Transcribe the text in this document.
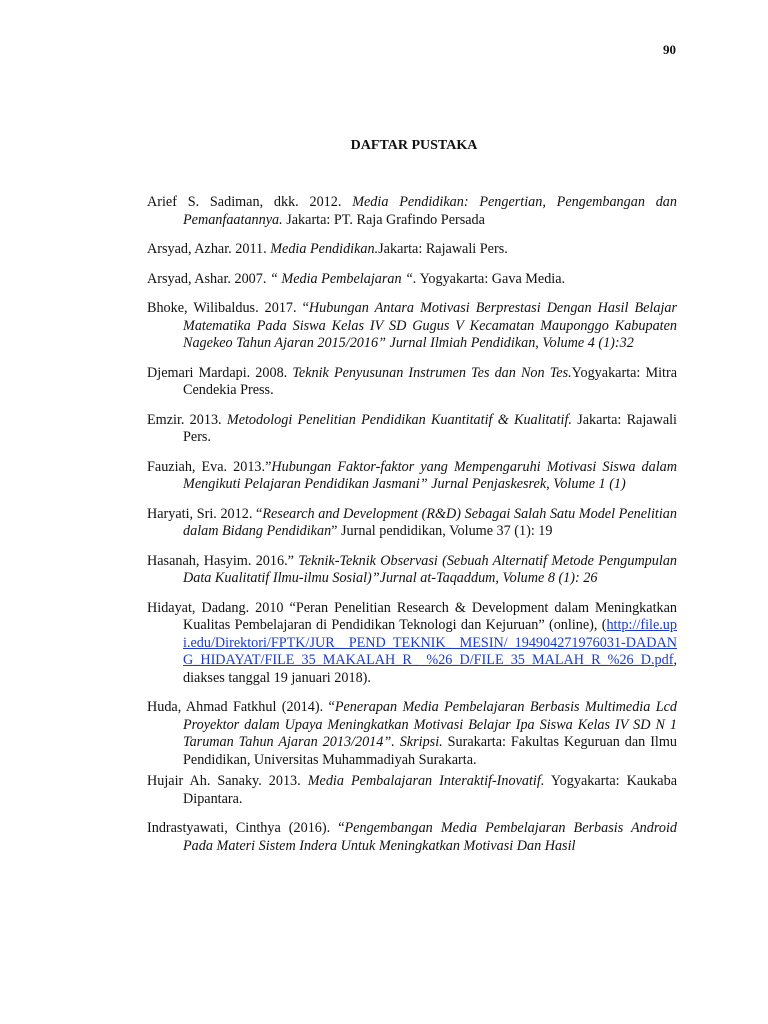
90
DAFTAR PUSTAKA

Arief S. Sadiman, dkk. 2012. Media Pendidikan: Pengertian, Pengembangan dan Pemanfaatannya. Jakarta: PT. Raja Grafindo Persada

Arsyad, Azhar. 2011. Media Pendidikan.Jakarta: Rajawali Pers.

Arsyad, Ashar. 2007. “ Media Pembelajaran “. Yogyakarta: Gava Media.

Bhoke, Wilibaldus. 2017. “Hubungan Antara Motivasi Berprestasi Dengan Hasil Belajar Matematika Pada Siswa Kelas IV SD Gugus V Kecamatan Mauponggo Kabupaten Nagekeo Tahun Ajaran 2015/2016” Jurnal Ilmiah Pendidikan, Volume 4 (1):32

Djemari Mardapi. 2008. Teknik Penyusunan Instrumen Tes dan Non Tes.Yogyakarta: Mitra Cendekia Press.

Emzir. 2013. Metodologi Penelitian Pendidikan Kuantitatif & Kualitatif. Jakarta: Rajawali Pers.

Fauziah, Eva. 2013.”Hubungan Faktor-faktor yang Mempengaruhi Motivasi Siswa dalam Mengikuti Pelajaran Pendidikan Jasmani” Jurnal Penjaskesrek, Volume 1 (1)

Haryati, Sri. 2012. “Research and Development (R&D) Sebagai Salah Satu Model Penelitian dalam Bidang Pendidikan” Jurnal pendidikan, Volume 37 (1): 19

Hasanah, Hasyim. 2016.” Teknik-Teknik Observasi (Sebuah Alternatif Metode Pengumpulan Data Kualitatif Ilmu-ilmu Sosial)”Jurnal at-Taqaddum, Volume 8 (1): 26

Hidayat, Dadang. 2010 “Peran Penelitian Research & Development dalam Meningkatkan Kualitas Pembelajaran di Pendidikan Teknologi dan Kejuruan” (online), (http://file.upi.edu/Direktori/FPTK/JUR_ PEND_TEKNIK_ MESIN/ 194904271976031-DADANG_HIDAYAT/FILE_35_MAKALAH_R_ %26_D/FILE_35_MALAH_R_%26_D.pdf, diakses tanggal 19 januari 2018).

Huda, Ahmad Fatkhul (2014). “Penerapan Media Pembelajaran Berbasis Multimedia Lcd Proyektor dalam Upaya Meningkatkan Motivasi Belajar Ipa Siswa Kelas IV SD N 1 Taruman Tahun Ajaran 2013/2014”. Skripsi. Surakarta: Fakultas Keguruan dan Ilmu Pendidikan, Universitas Muhammadiyah Surakarta.

Hujair Ah. Sanaky. 2013. Media Pembalajaran Interaktif-Inovatif. Yogyakarta: Kaukaba Dipantara.

Indrastyawati, Cinthya (2016). “Pengembangan Media Pembelajaran Berbasis Android Pada Materi Sistem Indera Untuk Meningkatkan Motivasi Dan Hasil
